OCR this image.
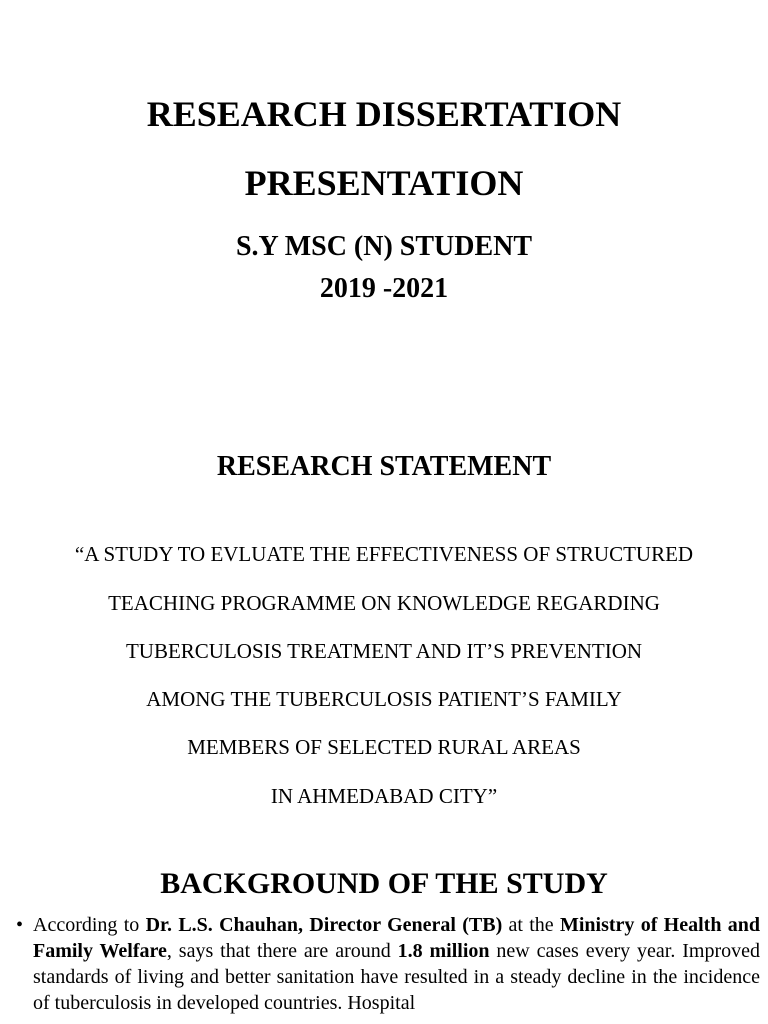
RESEARCH DISSERTATION
PRESENTATION
S.Y MSC (N) STUDENT
2019 -2021
RESEARCH STATEMENT

“A STUDY TO EVLUATE THE EFFECTIVENESS OF STRUCTURED

TEACHING PROGRAMME ON KNOWLEDGE REGARDING

TUBERCULOSIS TREATMENT AND IT’S PREVENTION

AMONG THE TUBERCULOSIS PATIENT’S FAMILY

MEMBERS OF SELECTED RURAL AREAS

IN AHMEDABAD CITY”

BACKGROUND OF THE STUDY
• According to Dr. L.S. Chauhan, Director General (TB) at the Ministry of Health and Family Welfare, says that there are around 1.8 million new cases every year. Improved standards of living and better sanitation have resulted in a steady decline in the incidence of tuberculosis in developed countries. Hospital
